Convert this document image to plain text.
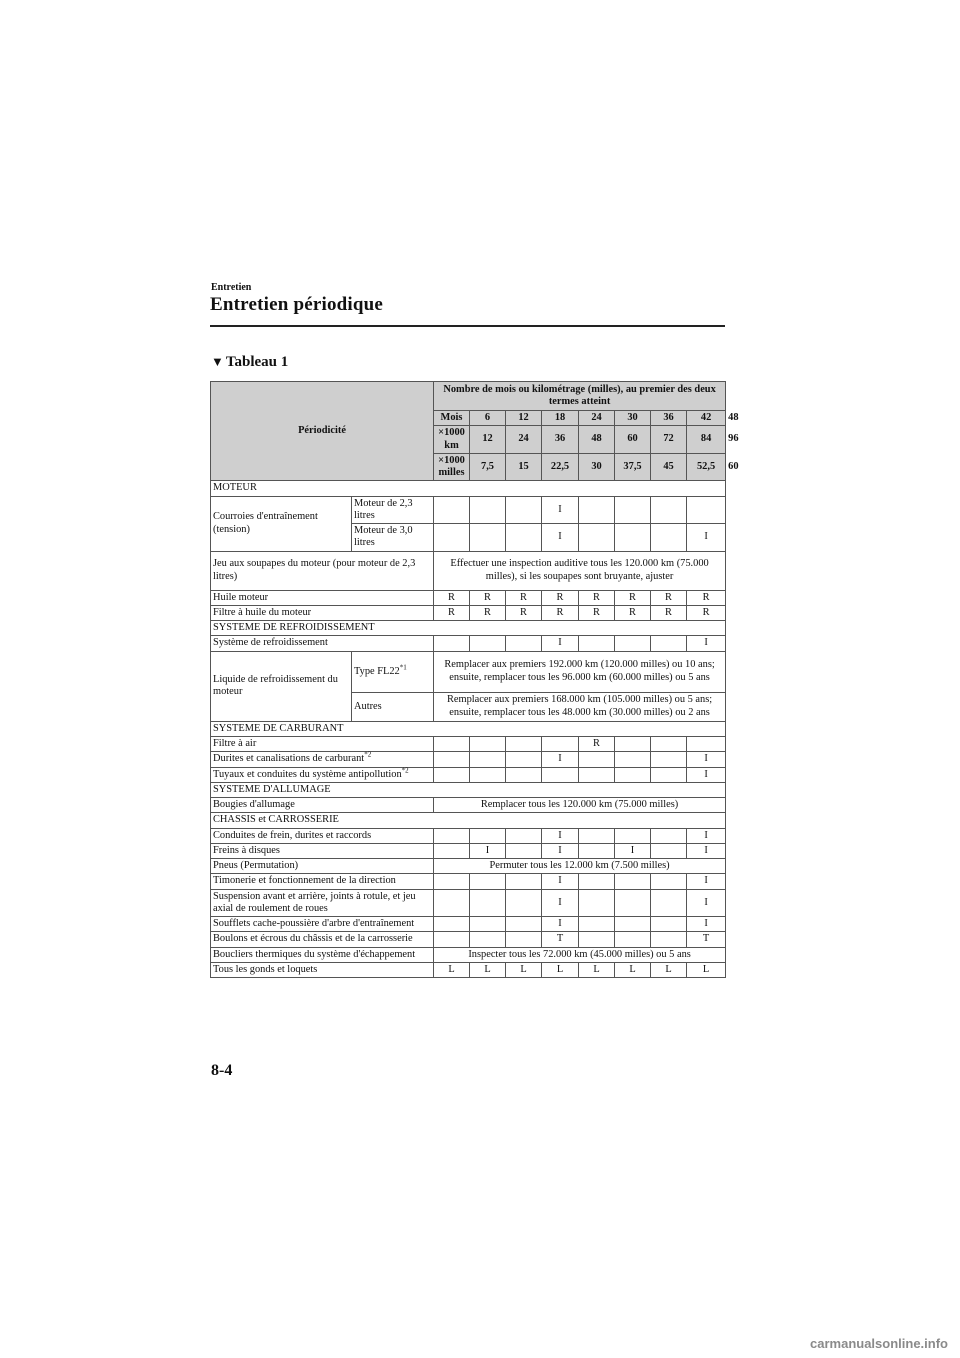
Entretien
Entretien périodique
▼ Tableau 1
Périodicité		Nombre de mois ou kilométrage (milles), au premier des deux termes atteint								
		Mois	6	12	18	24	30	36	42	48
		×1000 km	12	24	36	48	60	72	84	96
		×1000 milles	7,5	15	22,5	30	37,5	45	52,5	60
MOTEUR										
Courroies d'entraînement (tension)	Moteur de 2,3 litres				I					
	Moteur de 3,0 litres				I				I	
Jeu aux soupapes du moteur (pour moteur de 2,3 litres)		Effectuer une inspection auditive tous les 120.000 km (75.000 milles), si les soupapes sont bruyante, ajuster								
Huile moteur		R	R	R	R	R	R	R	R	
Filtre à huile du moteur		R	R	R	R	R	R	R	R	
SYSTEME DE REFROIDISSEMENT										
Système de refroidissement					I				I	
Liquide de refroidissement du moteur	Type FL22$^{*1}$	Remplacer aux premiers 192.000 km (120.000 milles) ou 10 ans; ensuite, remplacer tous les 96.000 km (60.000 milles) ou 5 ans								
	Autres	Remplacer aux premiers 168.000 km (105.000 milles) ou 5 ans; ensuite, remplacer tous les 48.000 km (30.000 milles) ou 2 ans								
SYSTEME DE CARBURANT										
Filtre à air						R				
Durites et canalisations de carburant$^{*2}$					I				I	
Tuyaux et conduites du système antipollution$^{*2}$									I	
SYSTEME D'ALLUMAGE										
Bougies d'allumage		Remplacer tous les 120.000 km (75.000 milles)								
CHASSIS et CARROSSERIE										
Conduites de frein, durites et raccords					I				I	
Freins à disques			I		I		I		I	
Pneus (Permutation)		Permuter tous les 12.000 km (7.500 milles)								
Timonerie et fonctionnement de la direction					I				I	
Suspension avant et arrière, joints à rotule, et jeu axial de roulement de roues					I				I	
Soufflets cache-poussière d'arbre d'entraînement					I				I	
Boulons et écrous du châssis et de la carrosserie					T				T	
Boucliers thermiques du système d'échappement		Inspecter tous les 72.000 km (45.000 milles) ou 5 ans								
Tous les gonds et loquets		L	L	L	L	L	L	L	L	
8-4
carmanualsonline.info
